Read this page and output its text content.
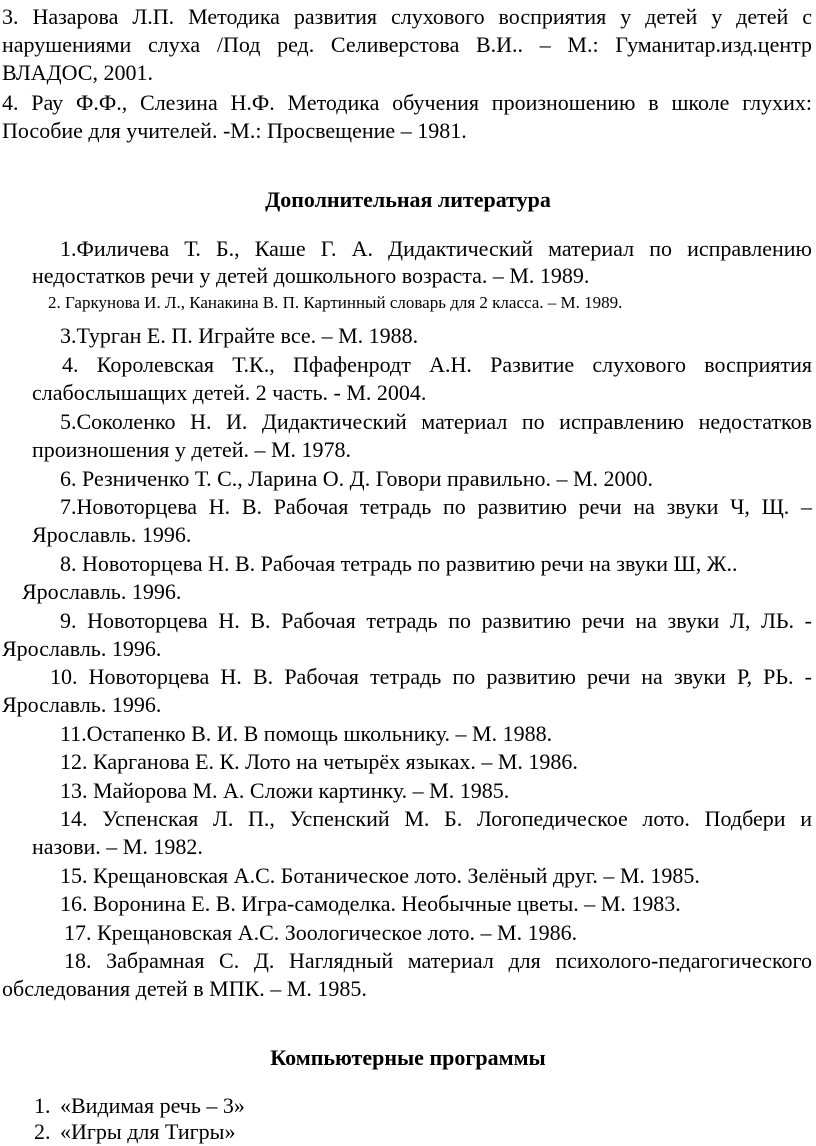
3. Назарова Л.П. Методика развития слухового восприятия у детей у детей с
нарушениями слуха /Под ред. Селиверстова В.И.. – М.: Гуманитар.изд.центр
ВЛАДОС, 2001.
4. Рау Ф.Ф., Слезина Н.Ф. Методика обучения произношению в школе глухих:
Пособие для учителей. -М.: Просвещение – 1981.
Дополнительная литература
1.Филичева Т. Б., Каше Г. А. Дидактический материал по исправлению
недостатков речи у детей дошкольного возраста. – М. 1989.
2. Гаркунова И. Л., Канакина В. П. Картинный словарь для 2 класса. – М. 1989.
3.Турган Е. П. Играйте все. – М. 1988.
4. Королевская Т.К., Пфафенродт А.Н. Развитие слухового восприятия
слабослышащих детей. 2 часть. - М. 2004.
5.Соколенко Н. И. Дидактический материал по исправлению недостатков
произношения у детей. – М. 1978.
6. Резниченко Т. С., Ларина О. Д. Говори правильно. – М. 2000.
7.Новоторцева Н. В. Рабочая тетрадь по развитию речи на звуки Ч, Щ. –
Ярославль. 1996.
8. Новоторцева Н. В. Рабочая тетрадь по развитию речи на звуки Ш, Ж..
Ярославль. 1996.
9. Новоторцева Н. В. Рабочая тетрадь по развитию речи на звуки Л, ЛЬ. -
Ярославль. 1996.
10. Новоторцева Н. В. Рабочая тетрадь по развитию речи на звуки Р, РЬ. -
Ярославль. 1996.
11.Остапенко В. И. В помощь школьнику. – М. 1988.
12. Карганова Е. К. Лото на четырёх языках. – М. 1986.
13. Майорова М. А. Сложи картинку. – М. 1985.
14. Успенская Л. П., Успенский М. Б. Логопедическое лото. Подбери и
назови. – М. 1982.
15. Крещановская А.С. Ботаническое лото. Зелёный друг. – М. 1985.
16. Воронина Е. В. Игра-самоделка. Необычные цветы. – М. 1983.
17. Крещановская А.С. Зоологическое лото. – М. 1986.
18. Забрамная С. Д. Наглядный материал для психолого-педагогического
обследования детей в МПК. – М. 1985.
Компьютерные программы
1. «Видимая речь – 3»
2. «Игры для Тигры»
